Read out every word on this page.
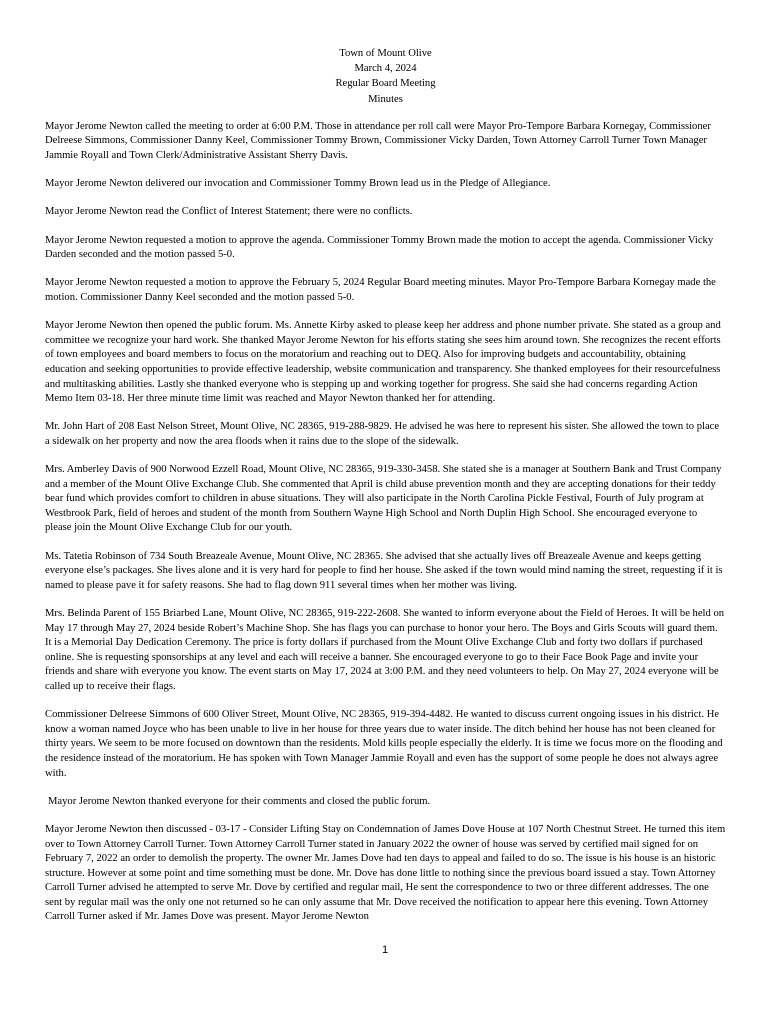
Town of Mount Olive
March 4, 2024
Regular Board Meeting
Minutes

Mayor Jerome Newton called the meeting to order at 6:00 P.M. Those in attendance per roll call were Mayor Pro-Tempore Barbara Kornegay, Commissioner Delreese Simmons, Commissioner Danny Keel, Commissioner Tommy Brown, Commissioner Vicky Darden, Town Attorney Carroll Turner Town Manager Jammie Royall and Town Clerk/Administrative Assistant Sherry Davis.

Mayor Jerome Newton delivered our invocation and Commissioner Tommy Brown lead us in the Pledge of Allegiance.

Mayor Jerome Newton read the Conflict of Interest Statement; there were no conflicts.

Mayor Jerome Newton requested a motion to approve the agenda. Commissioner Tommy Brown made the motion to accept the agenda. Commissioner Vicky Darden seconded and the motion passed 5-0.

Mayor Jerome Newton requested a motion to approve the February 5, 2024 Regular Board meeting minutes. Mayor Pro-Tempore Barbara Kornegay made the motion. Commissioner Danny Keel seconded and the motion passed 5-0.

Mayor Jerome Newton then opened the public forum. Ms. Annette Kirby asked to please keep her address and phone number private. She stated as a group and committee we recognize your hard work. She thanked Mayor Jerome Newton for his efforts stating she sees him around town. She recognizes the recent efforts of town employees and board members to focus on the moratorium and reaching out to DEQ. Also for improving budgets and accountability, obtaining education and seeking opportunities to provide effective leadership, website communication and transparency. She thanked employees for their resourcefulness and multitasking abilities. Lastly she thanked everyone who is stepping up and working together for progress. She said she had concerns regarding Action Memo Item 03-18. Her three minute time limit was reached and Mayor Newton thanked her for attending.

Mr. John Hart of 208 East Nelson Street, Mount Olive, NC 28365, 919-288-9829. He advised he was here to represent his sister. She allowed the town to place a sidewalk on her property and now the area floods when it rains due to the slope of the sidewalk.

Mrs. Amberley Davis of 900 Norwood Ezzell Road, Mount Olive, NC 28365, 919-330-3458. She stated she is a manager at Southern Bank and Trust Company and a member of the Mount Olive Exchange Club. She commented that April is child abuse prevention month and they are accepting donations for their teddy bear fund which provides comfort to children in abuse situations. They will also participate in the North Carolina Pickle Festival, Fourth of July program at Westbrook Park, field of heroes and student of the month from Southern Wayne High School and North Duplin High School. She encouraged everyone to please join the Mount Olive Exchange Club for our youth.

Ms. Tatetia Robinson of 734 South Breazeale Avenue, Mount Olive, NC 28365. She advised that she actually lives off Breazeale Avenue and keeps getting everyone else’s packages. She lives alone and it is very hard for people to find her house. She asked if the town would mind naming the street, requesting if it is named to please pave it for safety reasons. She had to flag down 911 several times when her mother was living.

Mrs. Belinda Parent of 155 Briarbed Lane, Mount Olive, NC 28365, 919-222-2608. She wanted to inform everyone about the Field of Heroes. It will be held on May 17 through May 27, 2024 beside Robert’s Machine Shop. She has flags you can purchase to honor your hero. The Boys and Girls Scouts will guard them. It is a Memorial Day Dedication Ceremony. The price is forty dollars if purchased from the Mount Olive Exchange Club and forty two dollars if purchased online. She is requesting sponsorships at any level and each will receive a banner. She encouraged everyone to go to their Face Book Page and invite your friends and share with everyone you know. The event starts on May 17, 2024 at 3:00 P.M. and they need volunteers to help. On May 27, 2024 everyone will be called up to receive their flags.

Commissioner Delreese Simmons of 600 Oliver Street, Mount Olive, NC 28365, 919-394-4482. He wanted to discuss current ongoing issues in his district. He know a woman named Joyce who has been unable to live in her house for three years due to water inside. The ditch behind her house has not been cleaned for thirty years. We seem to be more focused on downtown than the residents. Mold kills people especially the elderly. It is time we focus more on the flooding and the residence instead of the moratorium. He has spoken with Town Manager Jammie Royall and even has the support of some people he does not always agree with.

Mayor Jerome Newton thanked everyone for their comments and closed the public forum.

Mayor Jerome Newton then discussed - 03-17 - Consider Lifting Stay on Condemnation of James Dove House at 107 North Chestnut Street. He turned this item over to Town Attorney Carroll Turner. Town Attorney Carroll Turner stated in January 2022 the owner of house was served by certified mail signed for on February 7, 2022 an order to demolish the property. The owner Mr. James Dove had ten days to appeal and failed to do so. The issue is his house is an historic structure. However at some point and time something must be done. Mr. Dove has done little to nothing since the previous board issued a stay. Town Attorney Carroll Turner advised he attempted to serve Mr. Dove by certified and regular mail, He sent the correspondence to two or three different addresses. The one sent by regular mail was the only one not returned so he can only assume that Mr. Dove received the notification to appear here this evening. Town Attorney Carroll Turner asked if Mr. James Dove was present. Mayor Jerome Newton

1
